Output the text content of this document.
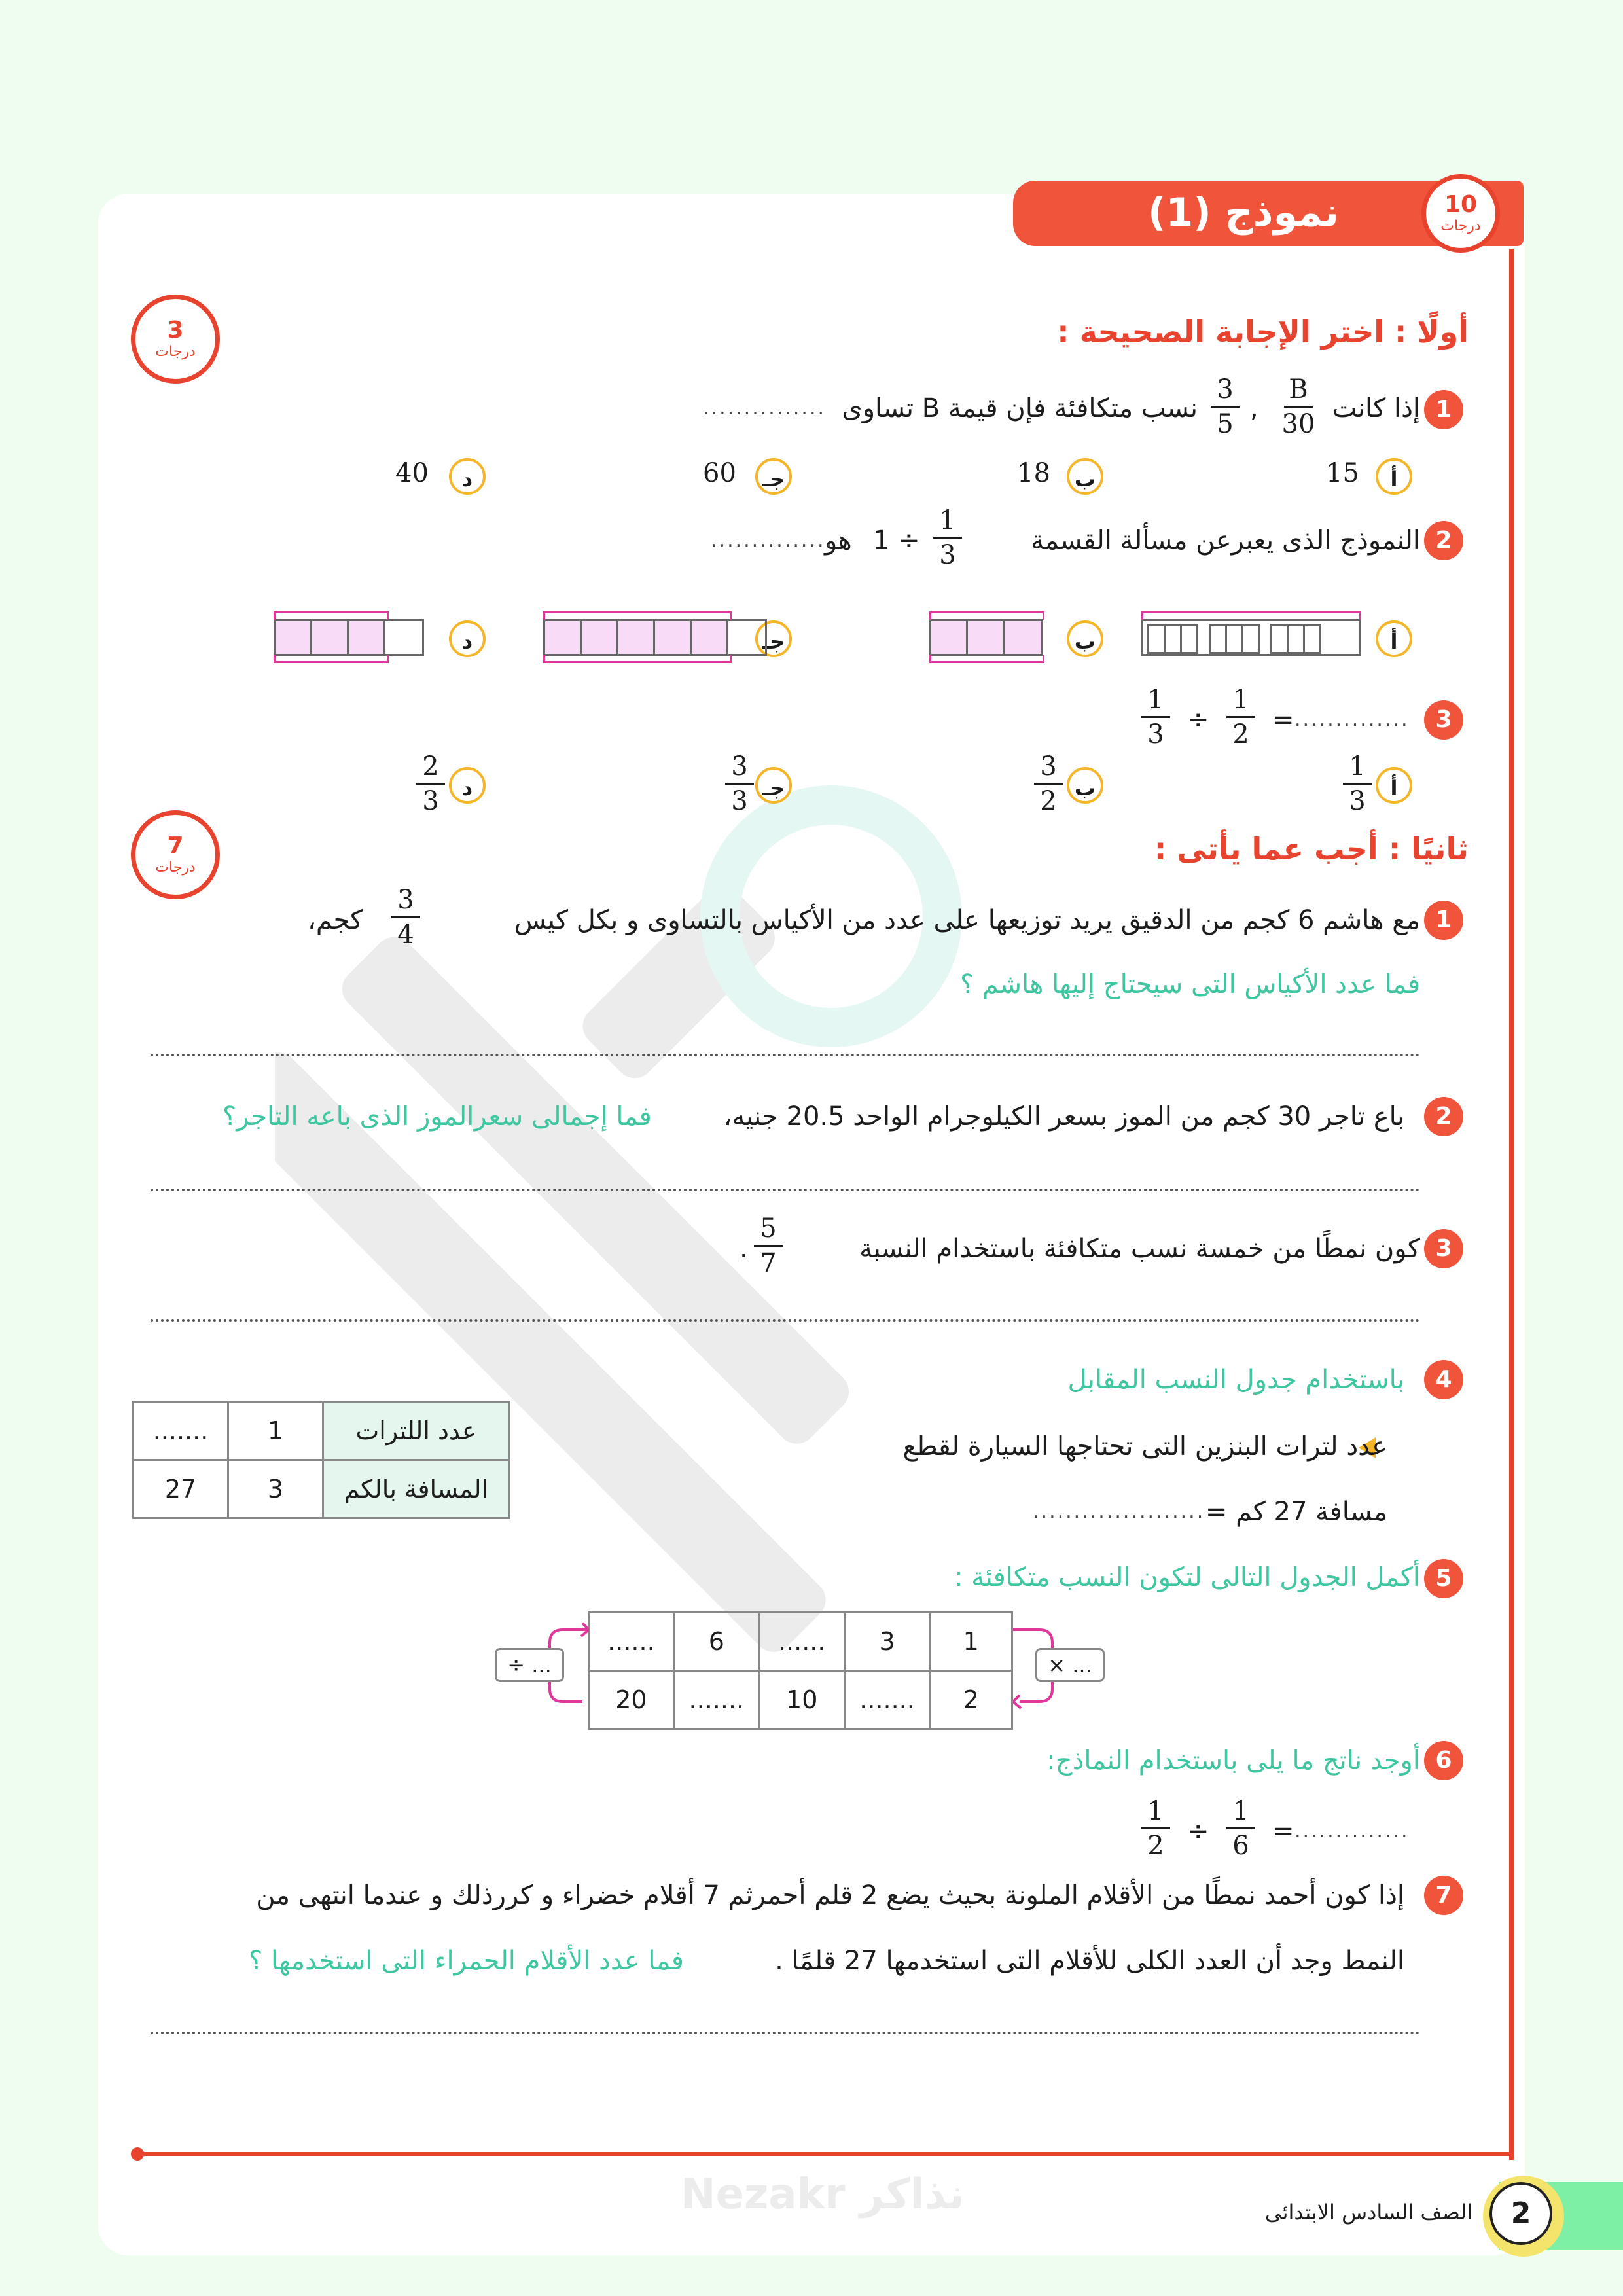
نموذج (1)	10
درجات
3
درجات
أولًا : اختر الإجابة الصحيحة :
1
إذا كانت
B
30
,
3
5
نسب متكافئة فإن قيمة B تساوى
...............
أ
15
ب
18
جـ
60
د
40
2
النموذج الذى يعبرعن مسألة القسمة
1
3
÷ 1
هو
...............
أ
ب
جـ
د
3
..............
=
1
2
÷
1
3
أ
1
3
ب
3
2
جـ
3
3
د
2
3
7
درجات
ثانيًا : أجب عما يأتى :
1
مع هاشم 6 كجم من الدقيق يريد توزيعها على عدد من الأكياس بالتساوى و بكل كيس
3
4
كجم،
فما عدد الأكياس التى سيحتاج إليها هاشم ؟
2
باع تاجر 30 كجم من الموز بسعر الكيلوجرام الواحد 20.5 جنيه،
فما إجمالى سعرالموز الذى باعه التاجر؟
3
كون نمطًا من خمسة نسب متكافئة باستخدام النسبة
5
7
.
4
باستخدام جدول النسب المقابل
عدد لترات البنزين التى تحتاجها السيارة لقطع
مسافة 27 كم =
.....................
عدد اللترات	1	.......
المسافة بالكم	3	27
5
أكمل الجدول التالى لتكون النسب متكافئة :
1	3	......	6	......
2	.......	10	.......	20
× ...
÷ ...
6
أوجد ناتج ما يلى باستخدام النماذج:
..............
=
1
6
÷
1
2
7
إذا كون أحمد نمطًا من الأقلام الملونة بحيث يضع 2 قلم أحمرثم 7 أقلام خضراء و كررذلك و عندما انتهى من
النمط وجد أن العدد الكلى للأقلام التى استخدمها 27 قلمًا .
فما عدد الأقلام الحمراء التى استخدمها ؟
Nezakr نذاكر	2
الصف السادس الابتدائى
